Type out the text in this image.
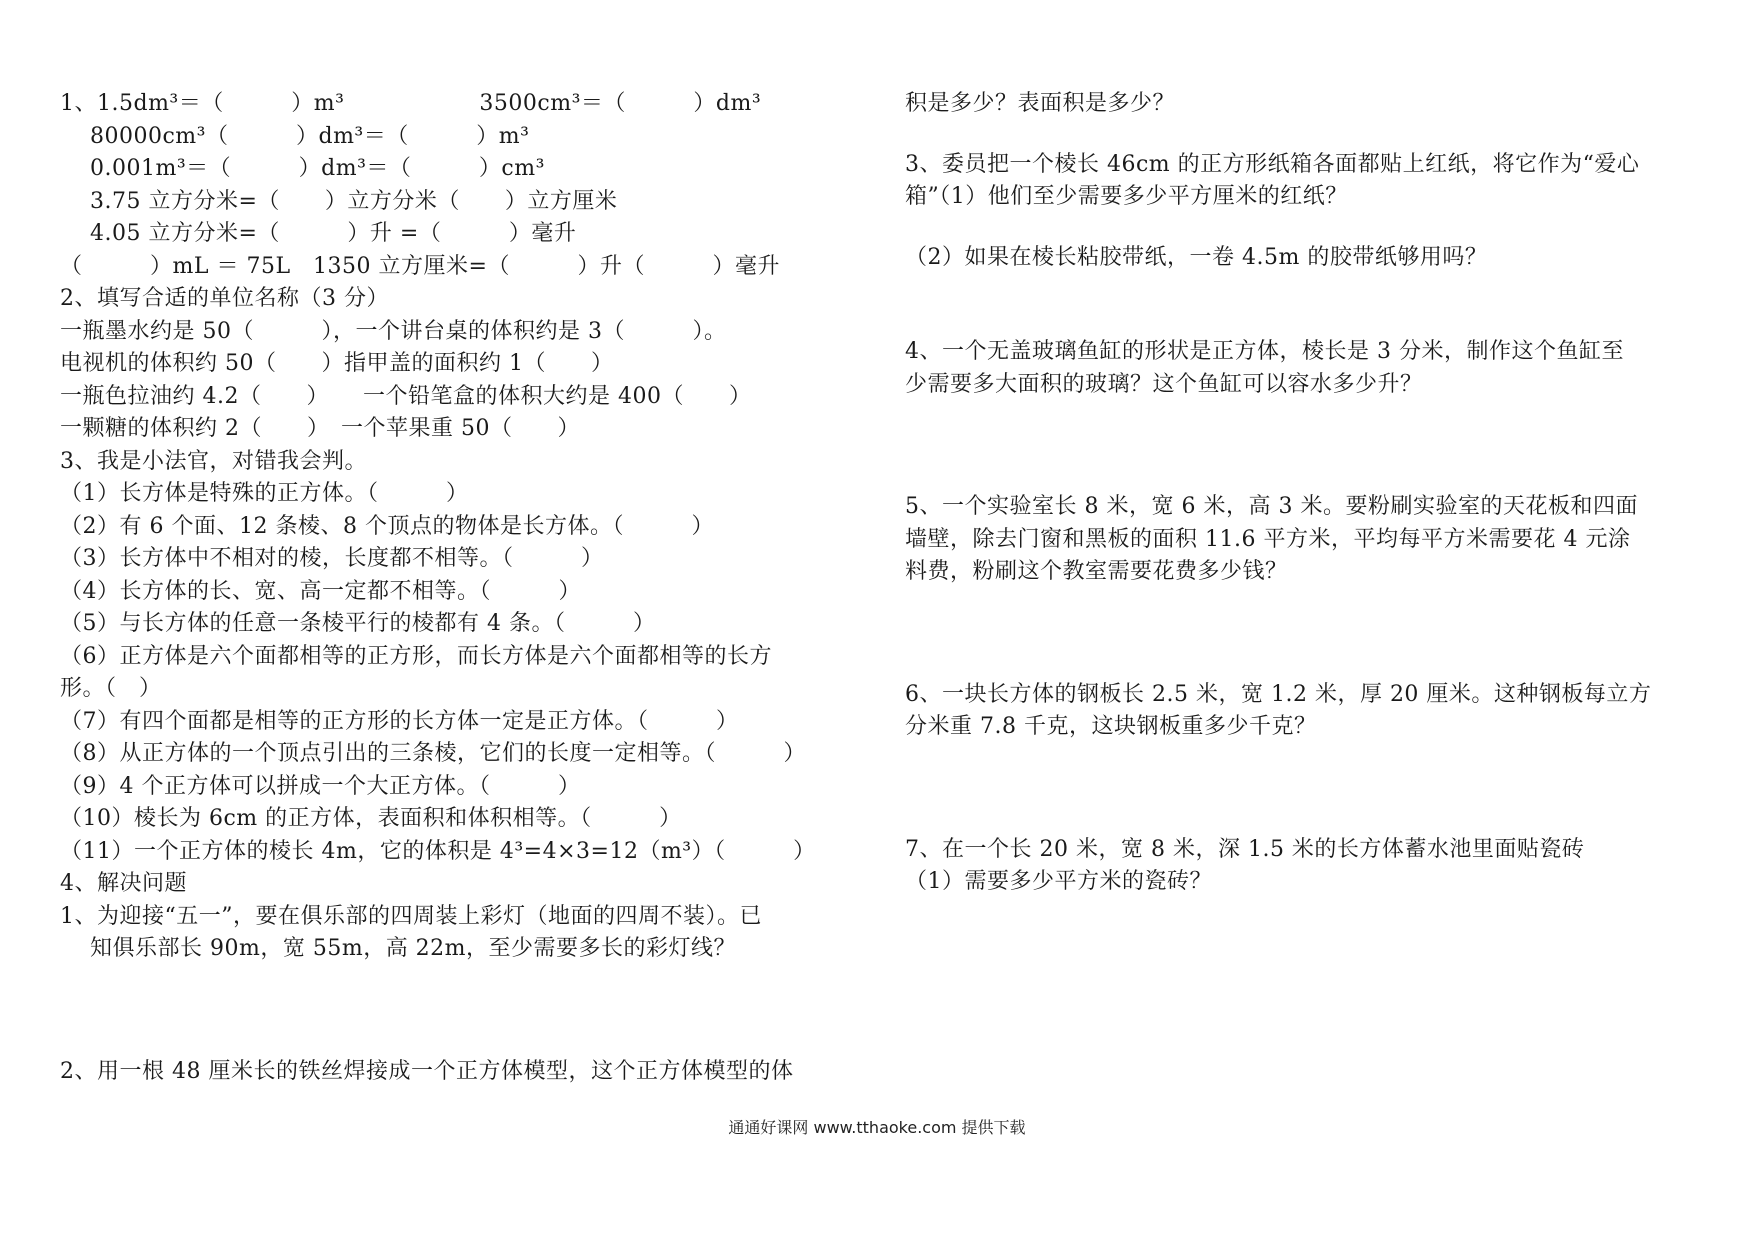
1、1.5dm³＝（　　　）m³　　　　　　3500cm³＝（　　　）dm³
　 80000cm³（　　　）dm³＝（　　　）m³
　 0.001m³＝（　　　）dm³＝（　　　）cm³
　 3.75 立方分米=（　　）立方分米（　　）立方厘米
　 4.05 立方分米=（　　　）升 =（　　　）毫升
（　　　）mL ＝ 75L　1350 立方厘米=（　　　）升（　　　）毫升
2、填写合适的单位名称（3 分）
一瓶墨水约是 50（　　　），一个讲台桌的体积约是 3（　　　）。
电视机的体积约 50（　　）指甲盖的面积约 1（　　）
一瓶色拉油约 4.2（　　）　　一个铅笔盒的体积大约是 400（　　）
一颗糖的体积约 2（　　）　一个苹果重 50（　　）
3、我是小法官，对错我会判。
（1）长方体是特殊的正方体。（　　　）
（2）有 6 个面、12 条棱、8 个顶点的物体是长方体。（　　　）
（3）长方体中不相对的棱，长度都不相等。（　　　）
（4）长方体的长、宽、高一定都不相等。（　　　）
（5）与长方体的任意一条棱平行的棱都有 4 条。（　　　）
（6）正方体是六个面都相等的正方形，而长方体是六个面都相等的长方
形。（　）
（7）有四个面都是相等的正方形的长方体一定是正方体。（　　　）
（8）从正方体的一个顶点引出的三条棱，它们的长度一定相等。（　　　）
（9）4 个正方体可以拼成一个大正方体。（　　　）
（10）棱长为 6cm 的正方体，表面积和体积相等。（　　　）
（11）一个正方体的棱长 4m，它的体积是 4³=4×3=12（m³）（　　　）
4、解决问题
1、为迎接“五一”，要在俱乐部的四周装上彩灯（地面的四周不装）。已
　 知俱乐部长 90m，宽 55m，高 22m，至少需要多长的彩灯线？
2、用一根 48 厘米长的铁丝焊接成一个正方体模型，这个正方体模型的体
积是多少？表面积是多少？
3、委员把一个棱长 46cm 的正方形纸箱各面都贴上红纸，将它作为“爱心
箱”（1）他们至少需要多少平方厘米的红纸？
（2）如果在棱长粘胶带纸，一卷 4.5m 的胶带纸够用吗？
4、一个无盖玻璃鱼缸的形状是正方体，棱长是 3 分米，制作这个鱼缸至
少需要多大面积的玻璃？这个鱼缸可以容水多少升？
5、一个实验室长 8 米，宽 6 米，高 3 米。要粉刷实验室的天花板和四面
墙壁，除去门窗和黑板的面积 11.6 平方米，平均每平方米需要花 4 元涂
料费，粉刷这个教室需要花费多少钱？
6、一块长方体的钢板长 2.5 米，宽 1.2 米，厚 20 厘米。这种钢板每立方
分米重 7.8 千克，这块钢板重多少千克？
7、在一个长 20 米，宽 8 米，深 1.5 米的长方体蓄水池里面贴瓷砖
（1）需要多少平方米的瓷砖？
通通好课网 www.tthaoke.com 提供下载
